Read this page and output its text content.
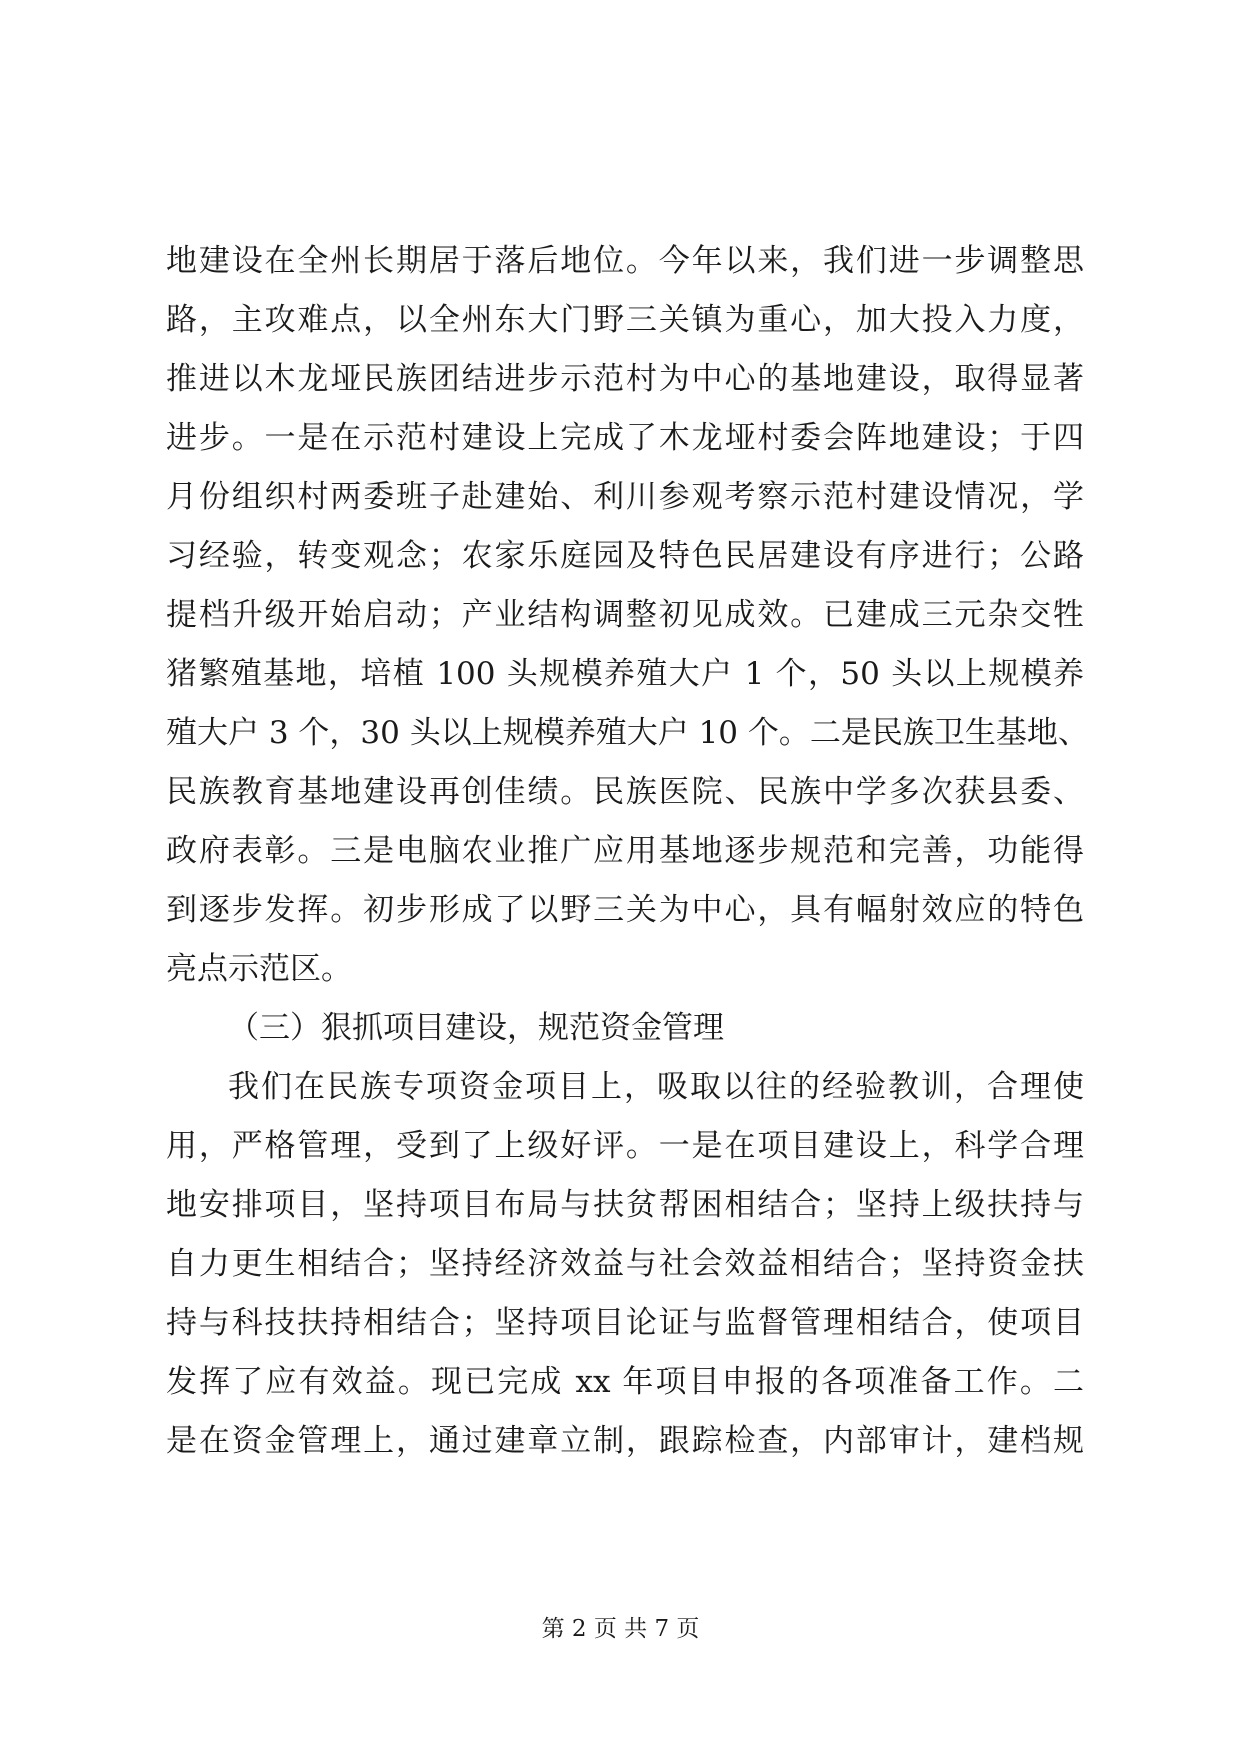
地建设在全州长期居于落后地位。今年以来，我们进一步调整思
路，主攻难点，以全州东大门野三关镇为重心，加大投入力度，
推进以木龙垭民族团结进步示范村为中心的基地建设，取得显著
进步。一是在示范村建设上完成了木龙垭村委会阵地建设；于四
月份组织村两委班子赴建始、利川参观考察示范村建设情况，学
习经验，转变观念；农家乐庭园及特色民居建设有序进行；公路
提档升级开始启动；产业结构调整初见成效。已建成三元杂交牲
猪繁殖基地，培植 100 头规模养殖大户 1 个，50 头以上规模养
殖大户 3 个，30 头以上规模养殖大户 10 个。二是民族卫生基地、
民族教育基地建设再创佳绩。民族医院、民族中学多次获县委、
政府表彰。三是电脑农业推广应用基地逐步规范和完善，功能得
到逐步发挥。初步形成了以野三关为中心，具有幅射效应的特色
亮点示范区。
（三）狠抓项目建设，规范资金管理
我们在民族专项资金项目上，吸取以往的经验教训，合理使
用，严格管理，受到了上级好评。一是在项目建设上，科学合理
地安排项目，坚持项目布局与扶贫帮困相结合；坚持上级扶持与
自力更生相结合；坚持经济效益与社会效益相结合；坚持资金扶
持与科技扶持相结合；坚持项目论证与监督管理相结合，使项目
发挥了应有效益。现已完成 xx 年项目申报的各项准备工作。二
是在资金管理上，通过建章立制，跟踪检查，内部审计，建档规
第 2 页 共 7 页
